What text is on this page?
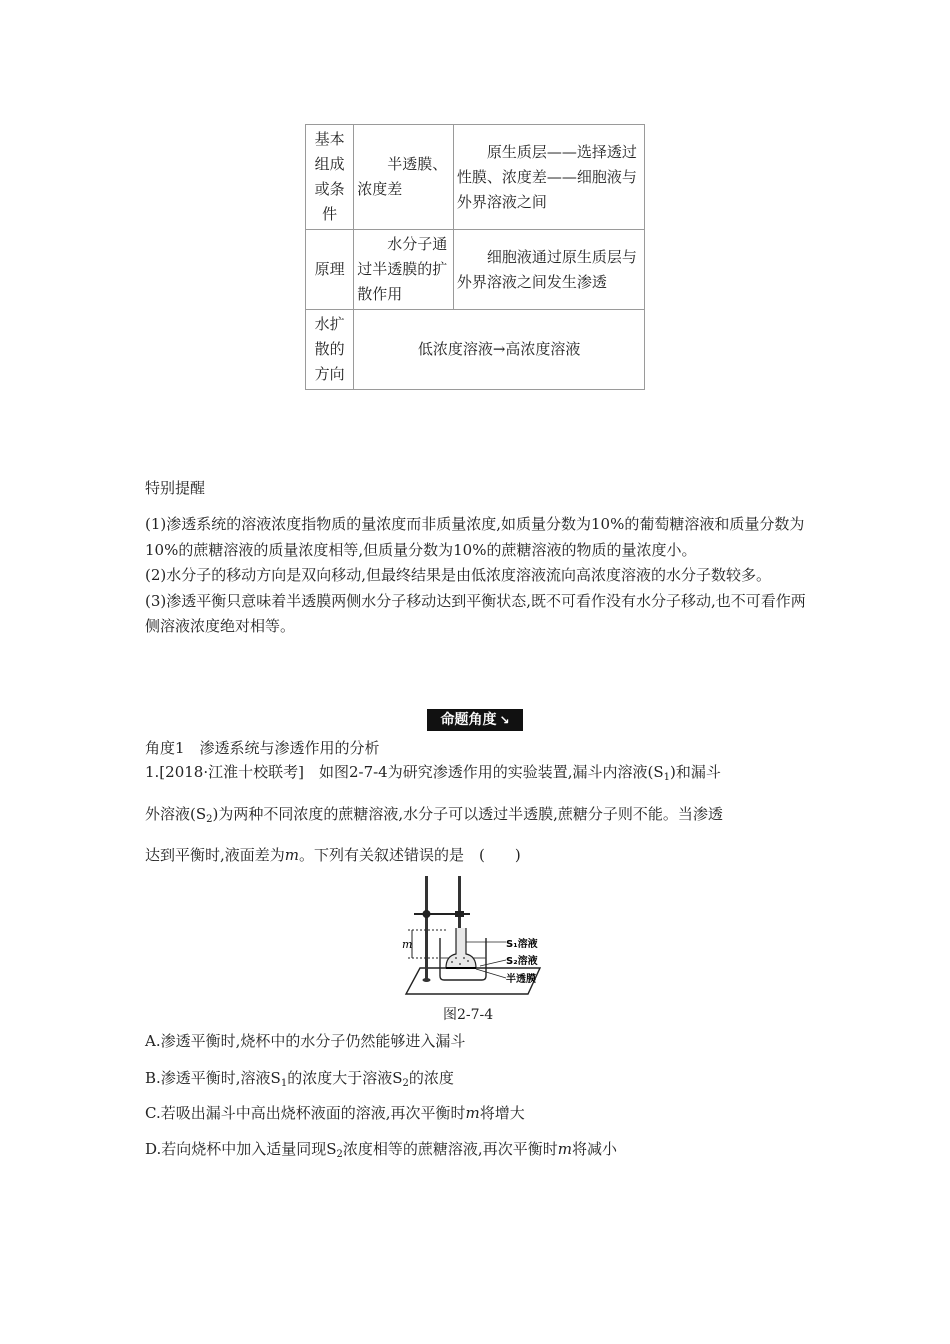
基本组成或条件	半透膜、浓度差	原生质层——选择透过性膜、浓度差——细胞液与外界溶液之间
原理	水分子通过半透膜的扩散作用	细胞液通过原生质层与外界溶液之间发生渗透
水扩散的方向	低浓度溶液→高浓度溶液	
特别提醒

(1)渗透系统的溶液浓度指物质的量浓度而非质量浓度,如质量分数为10%的葡萄糖溶液和质量分数为10%的蔗糖溶液的质量浓度相等,但质量分数为10%的蔗糖溶液的物质的量浓度小。

(2)水分子的移动方向是双向移动,但最终结果是由低浓度溶液流向高浓度溶液的水分子数较多。

(3)渗透平衡只意味着半透膜两侧水分子移动达到平衡状态,既不可看作没有水分子移动,也不可看作两侧溶液浓度绝对相等。

命题角度 ↘
角度1　渗透系统与渗透作用的分析
1.[2018·江淮十校联考]　如图2-7-4为研究渗透作用的实验装置,漏斗内溶液$(S_1)$和漏斗
外溶液$(S_2)$为两种不同浓度的蔗糖溶液,水分子可以透过半透膜,蔗糖分子则不能。当渗透
达到平衡时,液面差为m。下列有关叙述错误的是　(　　)
m	S₁溶液
S₂溶液
半透膜
图2-7-4
A.渗透平衡时,烧杯中的水分子仍然能够进入漏斗
B.渗透平衡时,溶液$S_1$的浓度大于溶液$S_2$的浓度
C.若吸出漏斗中高出烧杯液面的溶液,再次平衡时m将增大
D.若向烧杯中加入适量同现$S_2$浓度相等的蔗糖溶液,再次平衡时m将减小
